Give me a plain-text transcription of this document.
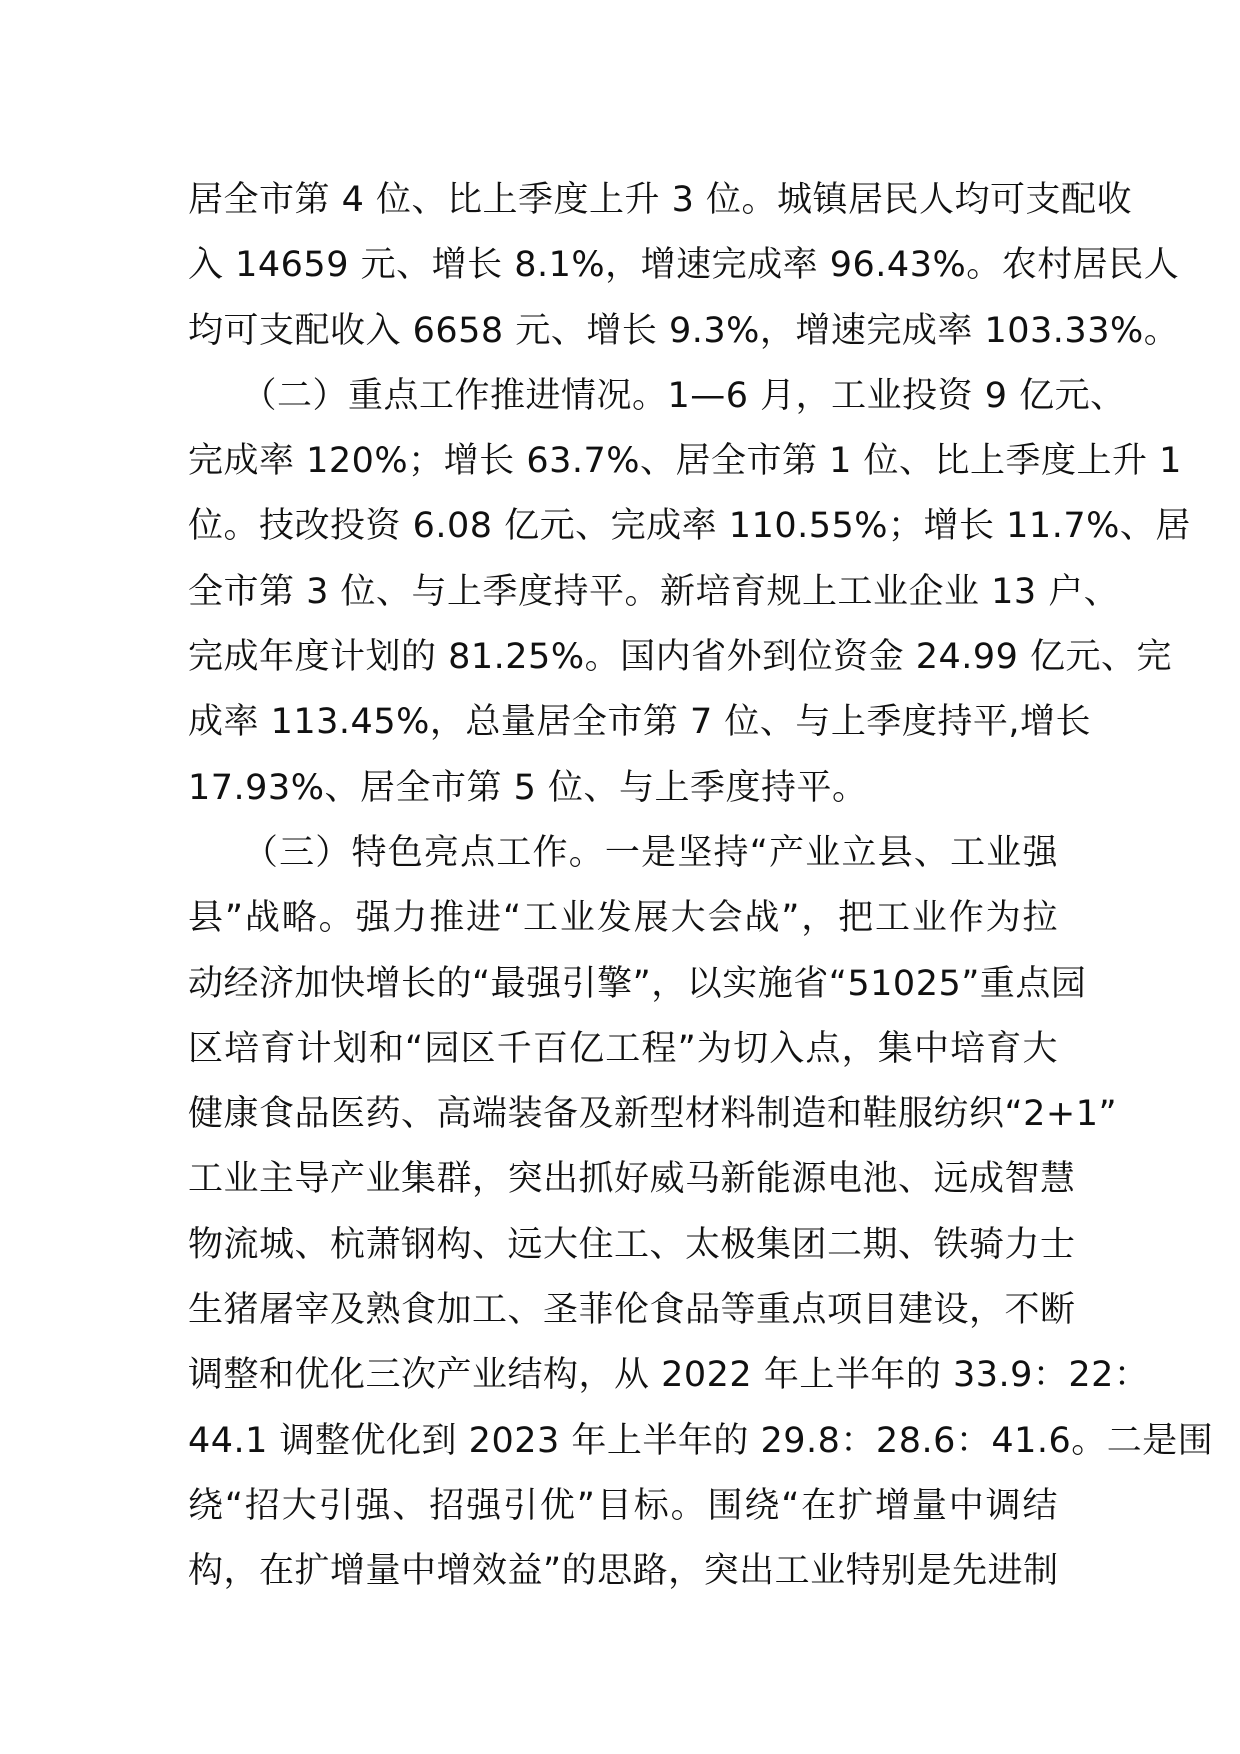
居全市第 4 位、比上季度上升 3 位。城镇居民人均可支配收
入 14659 元、增长 8.1%，增速完成率 96.43%。农村居民人
均可支配收入 6658 元、增长 9.3%，增速完成率 103.33%。
　　（二）重点工作推进情况。1—6 月，工业投资 9 亿元、
完成率 120%；增长 63.7%、居全市第 1 位、比上季度上升 1
位。技改投资 6.08 亿元、完成率 110.55%；增长 11.7%、居
全市第 3 位、与上季度持平。新培育规上工业企业 13 户、
完成年度计划的 81.25%。国内省外到位资金 24.99 亿元、完
成率 113.45%，总量居全市第 7 位、与上季度持平,增长
17.93%、居全市第 5 位、与上季度持平。
　　（三）特色亮点工作。一是坚持“产业立县、工业强
县”战略。强力推进“工业发展大会战”，把工业作为拉
动经济加快增长的“最强引擎”，以实施省“51025”重点园
区培育计划和“园区千百亿工程”为切入点，集中培育大
健康食品医药、高端装备及新型材料制造和鞋服纺织“2+1”
工业主导产业集群，突出抓好威马新能源电池、远成智慧
物流城、杭萧钢构、远大住工、太极集团二期、铁骑力士
生猪屠宰及熟食加工、圣菲伦食品等重点项目建设，不断
调整和优化三次产业结构，从 2022 年上半年的 33.9：22：
44.1 调整优化到 2023 年上半年的 29.8：28.6：41.6。二是围
绕“招大引强、招强引优”目标。围绕“在扩增量中调结
构，在扩增量中增效益”的思路，突出工业特别是先进制
